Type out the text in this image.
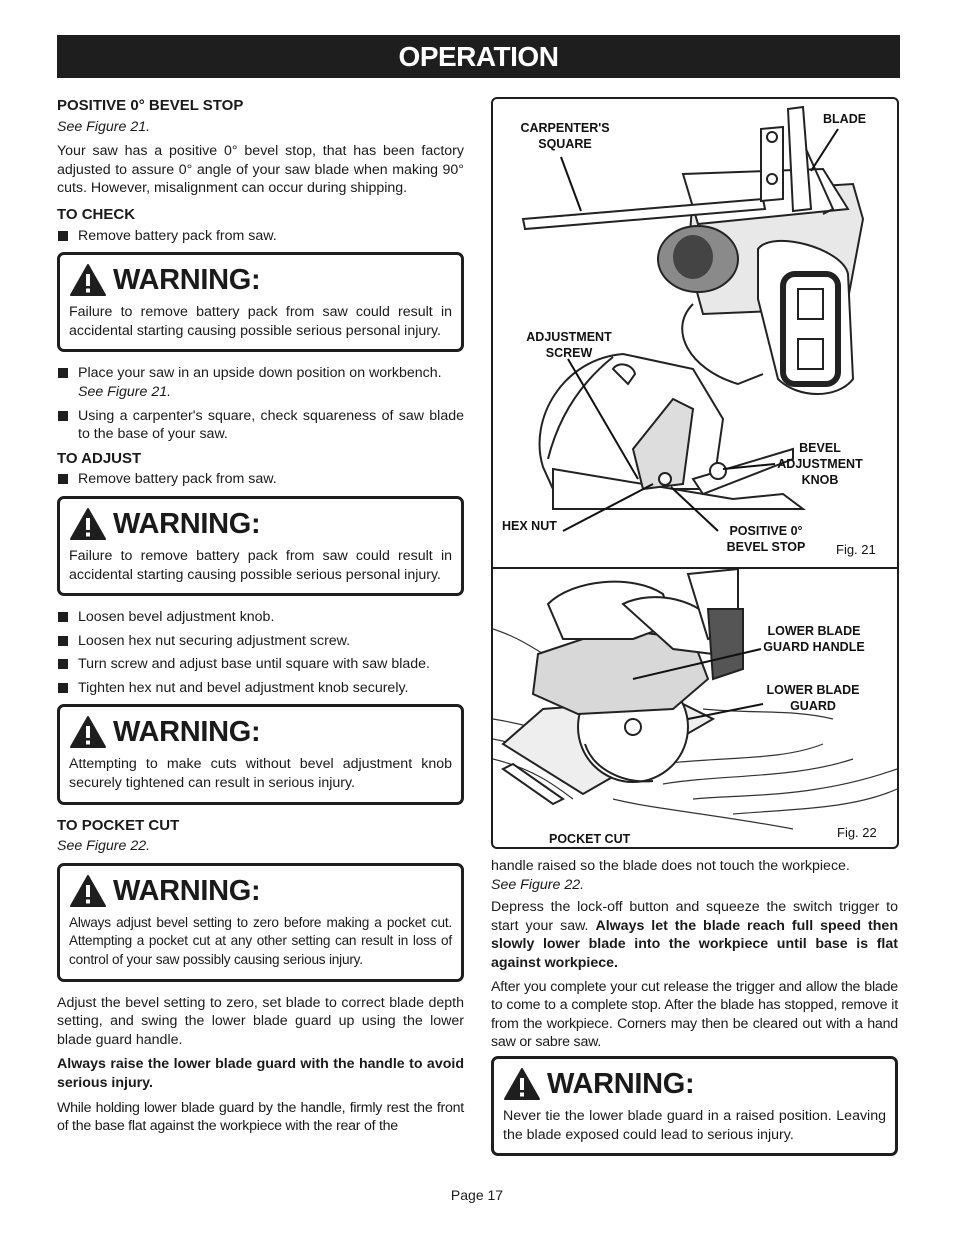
OPERATION
POSITIVE 0° BEVEL STOP

See Figure 21.

Your saw has a positive 0° bevel stop, that has been factory adjusted to assure 0° angle of your saw blade when making 90° cuts. However, misalignment can occur during shipping.

TO CHECK
Remove battery pack from saw.
WARNING:
Failure to remove battery pack from saw could result in accidental starting causing possible serious personal injury.
Place your saw in an upside down position on workbench.
See Figure 21.
Using a carpenter's square, check squareness of saw blade to the base of your saw.
TO ADJUST
Remove battery pack from saw.
WARNING:
Failure to remove battery pack from saw could result in accidental starting causing possible serious personal injury.
Loosen bevel adjustment knob.
Loosen hex nut securing adjustment screw.
Turn screw and adjust base until square with saw blade.
Tighten hex nut and bevel adjustment knob securely.
WARNING:
Attempting to make cuts without bevel adjustment knob securely tightened can result in serious injury.
TO POCKET CUT

See Figure 22.

WARNING:
Always adjust bevel setting to zero before making a pocket cut. Attempting a pocket cut at any other setting can result in loss of control of your saw possibly causing serious injury.

Adjust the bevel setting to zero, set blade to correct blade depth setting, and swing the lower blade guard up using the lower blade guard handle.

Always raise the lower blade guard with the handle to avoid serious injury.

While holding lower blade guard by the handle, firmly rest the front of the base flat against the workpiece with the rear of the

CARPENTER'S SQUARE
BLADE
ADJUSTMENT SCREW
BEVEL ADJUSTMENT KNOB
HEX NUT	POSITIVE 0° BEVEL STOP	Fig. 21
LOWER BLADE GUARD HANDLE
LOWER BLADE GUARD
POCKET CUT	Fig. 22

handle raised so the blade does not touch the workpiece.
See Figure 22.

Depress the lock-off button and squeeze the switch trigger to start your saw. Always let the blade reach full speed then slowly lower blade into the workpiece until base is flat against workpiece.

After you complete your cut release the trigger and allow the blade to come to a complete stop. After the blade has stopped, remove it from the workpiece. Corners may then be cleared out with a hand saw or sabre saw.

WARNING:
Never tie the lower blade guard in a raised position. Leaving the blade exposed could lead to serious injury.
Page 17
